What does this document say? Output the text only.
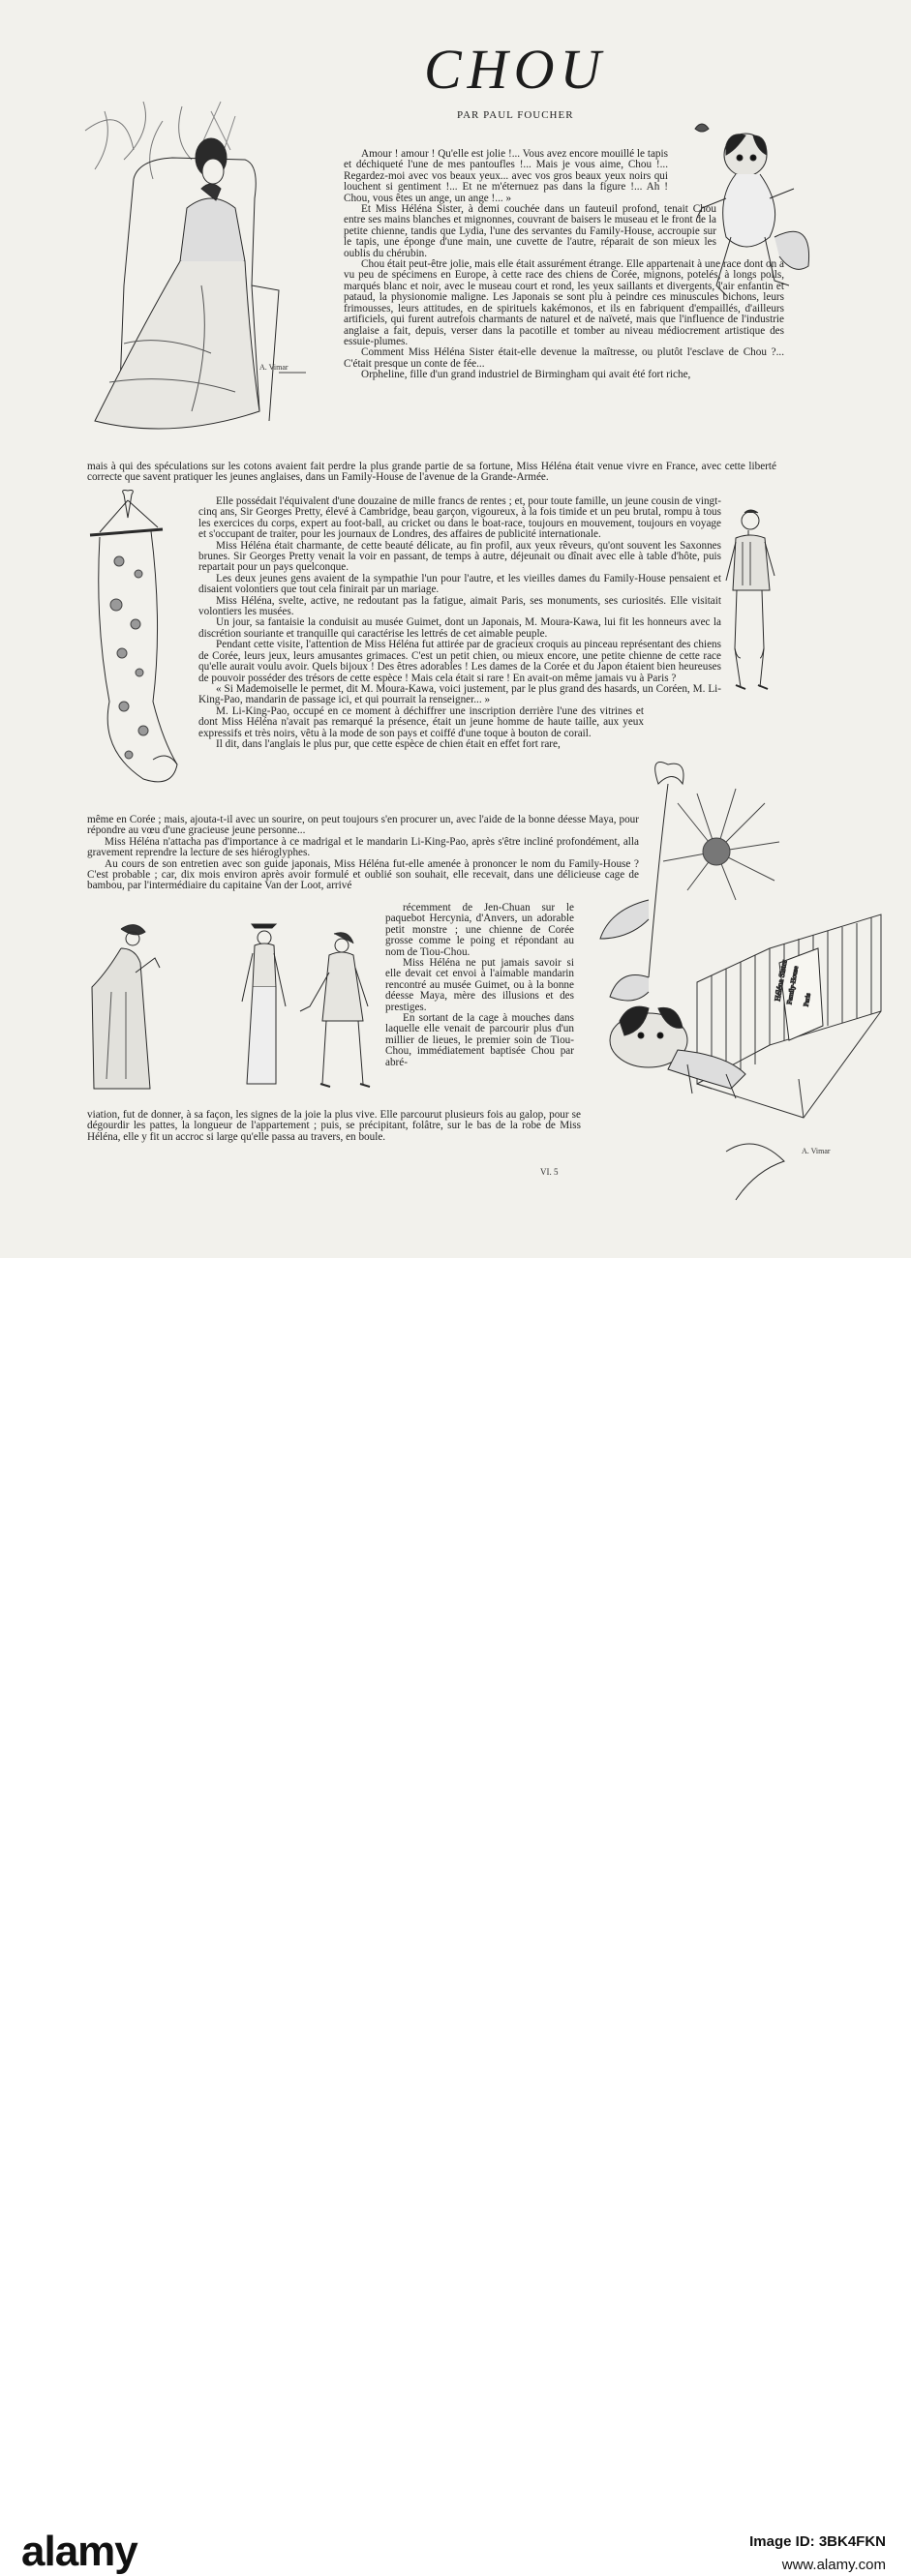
CHOU
PAR PAUL FOUCHER
A. Vimar

Amour ! amour ! Qu'elle est jolie !... Vous avez encore mouillé le tapis et déchiqueté l'une de mes pantoufles !... Mais je vous aime, Chou !... Regardez-moi avec vos beaux yeux... avec vos gros beaux yeux noirs qui louchent si gentiment !... Et ne m'éternuez pas dans la figure !... Ah ! Chou, vous êtes un ange, un ange !... »

Et Miss Héléna Sister, à demi couchée dans un fauteuil profond, tenait Chou entre ses mains blanches et mignonnes, couvrant de baisers le museau et le front de la petite chienne, tandis que Lydia, l'une des servantes du Family-House, accroupie sur le tapis, une éponge d'une main, une cuvette de l'autre, réparait de son mieux les oublis du chérubin.

Chou était peut-être jolie, mais elle était assurément étrange. Elle appartenait à une race dont on a vu peu de spécimens en Europe, à cette race des chiens de Corée, mignons, potelés, à longs poils, marqués blanc et noir, avec le museau court et rond, les yeux saillants et divergents, l'air enfantin et pataud, la physionomie maligne. Les Japonais se sont plu à peindre ces minuscules bichons, leurs frimousses, leurs attitudes, en de spirituels kakémonos, et ils en fabriquent d'empaillés, d'ailleurs artificiels, qui furent autrefois charmants de naturel et de naïveté, mais que l'influence de l'industrie anglaise a fait, depuis, verser dans la pacotille et tomber au niveau médiocrement artistique des essuie-plumes.

Comment Miss Héléna Sister était-elle devenue la maîtresse, ou plutôt l'esclave de Chou ?... C'était presque un conte de fée...

Orpheline, fille d'un grand industriel de Birmingham qui avait été fort riche,

mais à qui des spéculations sur les cotons avaient fait perdre la plus grande partie de sa fortune, Miss Héléna était venue vivre en France, avec cette liberté correcte que savent pratiquer les jeunes anglaises, dans un Family-House de l'avenue de la Grande-Armée.

Elle possédait l'équivalent d'une douzaine de mille francs de rentes ; et, pour toute famille, un jeune cousin de vingt-cinq ans, Sir Georges Pretty, élevé à Cambridge, beau garçon, vigoureux, à la fois timide et un peu brutal, rompu à tous les exercices du corps, expert au foot-ball, au cricket ou dans le boat-race, toujours en mouvement, toujours en voyage et s'occupant de traiter, pour les journaux de Londres, des affaires de publicité internationale.

Miss Héléna était charmante, de cette beauté délicate, au fin profil, aux yeux rêveurs, qu'ont souvent les Saxonnes brunes. Sir Georges Pretty venait la voir en passant, de temps à autre, déjeunait ou dînait avec elle à table d'hôte, puis repartait pour un pays quelconque.

Les deux jeunes gens avaient de la sympathie l'un pour l'autre, et les vieilles dames du Family-House pensaient et disaient volontiers que tout cela finirait par un mariage.

Miss Héléna, svelte, active, ne redoutant pas la fatigue, aimait Paris, ses monuments, ses curiosités. Elle visitait volontiers les musées.

Un jour, sa fantaisie la conduisit au musée Guimet, dont un Japonais, M. Moura-Kawa, lui fit les honneurs avec la discrétion souriante et tranquille qui caractérise les lettrés de cet aimable peuple.

Pendant cette visite, l'attention de Miss Héléna fut attirée par de gracieux croquis au pinceau représentant des chiens de Corée, leurs jeux, leurs amusantes grimaces. C'est un petit chien, ou mieux encore, une petite chienne de cette race qu'elle aurait voulu avoir. Quels bijoux ! Des êtres adorables ! Les dames de la Corée et du Japon étaient bien heureuses de pouvoir posséder des trésors de cette espèce ! Mais cela était si rare ! En avait-on même jamais vu à Paris ?

« Si Mademoiselle le permet, dit M. Moura-Kawa, voici justement, par le plus grand des hasards, un Coréen, M. Li-King-Pao, mandarin de passage ici, et qui pourrait la renseigner... »

M. Li-King-Pao, occupé en ce moment à déchiffrer une inscription derrière l'une des vitrines et dont Miss Héléna n'avait pas remarqué la présence, était un jeune homme de haute taille, aux yeux expressifs et très noirs, vêtu à la mode de son pays et coiffé d'une toque à bouton de corail.

Il dit, dans l'anglais le plus pur, que cette espèce de chien était en effet fort rare,

même en Corée ; mais, ajouta-t-il avec un sourire, on peut toujours s'en procurer un, avec l'aide de la bonne déesse Maya, pour répondre au vœu d'une gracieuse jeune personne...

Miss Héléna n'attacha pas d'importance à ce madrigal et le mandarin Li-King-Pao, après s'être incliné profondément, alla gravement reprendre la lecture de ses hiéroglyphes.

Au cours de son entretien avec son guide japonais, Miss Héléna fut-elle amenée à prononcer le nom du Family-House ? C'est probable ; car, dix mois environ après avoir formulé et oublié son souhait, elle recevait, dans une délicieuse cage de bambou, par l'intermédiaire du capitaine Van der Loot, arrivé

Héléna Sister
Family-House Paris
A. Vimar

récemment de Jen-Chuan sur le paquebot Hercynia, d'Anvers, un adorable petit monstre ; une chienne de Corée grosse comme le poing et répondant au nom de Tiou-Chou.

Miss Héléna ne put jamais savoir si elle devait cet envoi à l'aimable mandarin rencontré au musée Guimet, ou à la bonne déesse Maya, mère des illusions et des prestiges.

En sortant de la cage à mouches dans laquelle elle venait de parcourir plus d'un millier de lieues, le premier soin de Tiou-Chou, immédiatement baptisée Chou par abré-

viation, fut de donner, à sa façon, les signes de la joie la plus vive. Elle parcourut plusieurs fois au galop, pour se dégourdir les pattes, la longueur de l'appartement ; puis, se précipitant, folâtre, sur le bas de la robe de Miss Héléna, elle y fit un accroc si large qu'elle passa au travers, en boule.

VI. 5
alamy	Image ID: 3BK4FKN
www.alamy.com
